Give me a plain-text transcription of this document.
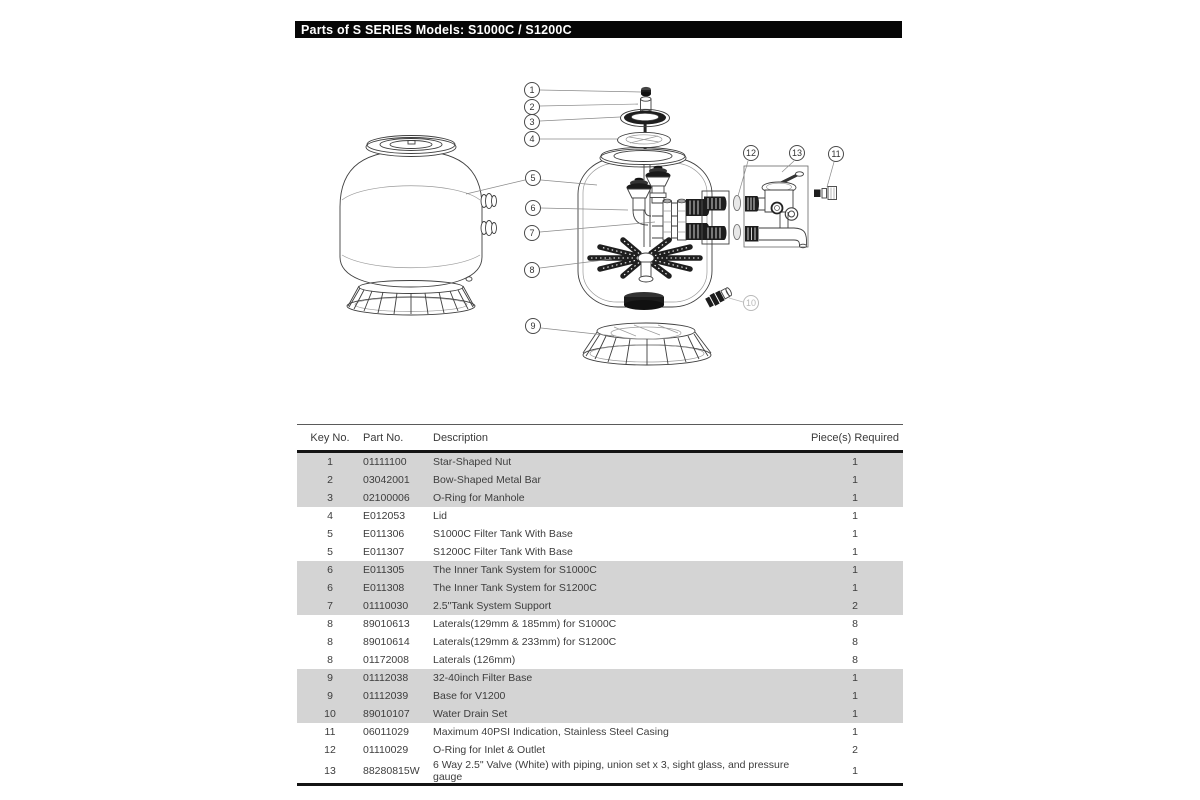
Parts of S SERIES Models: S1000C / S1200C
1
2
3
4
5
6
7
8
9
10
11
12	13
Key No.	Part No.	Description	Piece(s) Required
1	01111100	Star-Shaped Nut	1
2	03042001	Bow-Shaped Metal Bar	1
3	02100006	O-Ring for Manhole	1
4	E012053	Lid	1
5	E011306	S1000C Filter Tank With Base	1
5	E011307	S1200C Filter Tank With Base	1
6	E011305	The Inner Tank System for S1000C	1
6	E011308	The Inner Tank System for S1200C	1
7	01110030	2.5"Tank System Support	2
8	89010613	Laterals(129mm & 185mm) for S1000C	8
8	89010614	Laterals(129mm & 233mm) for S1200C	8
8	01172008	Laterals (126mm)	8
9	01112038	32-40inch Filter Base	1
9	01112039	Base for V1200	1
10	89010107	Water Drain Set	1
11	06011029	Maximum 40PSI Indication, Stainless Steel Casing	1
12	01110029	O-Ring for Inlet & Outlet	2
13	88280815W	6 Way 2.5" Valve (White) with piping, union set x 3, sight glass, and pressure gauge	1
